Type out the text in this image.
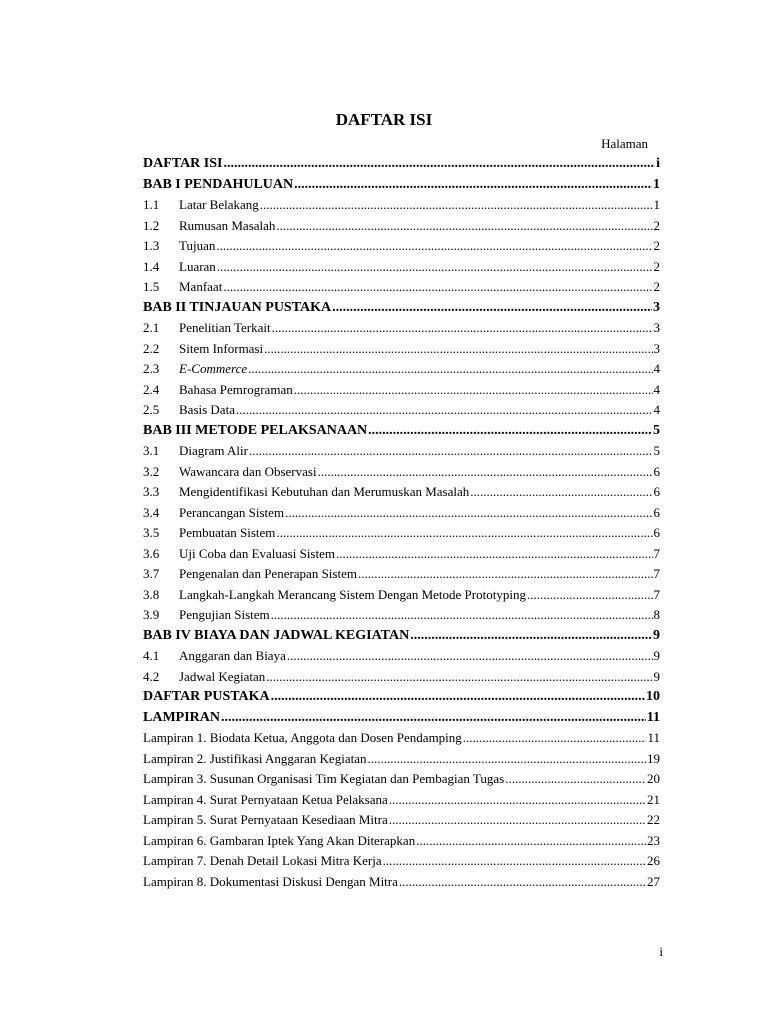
DAFTAR ISI
Halaman
DAFTAR ISI .....	i
BAB I PENDAHULUAN .....	1
1.1	Latar Belakang .....	1
1.2	Rumusan Masalah .....	2
1.3	Tujuan .....	2
1.4	Luaran .....	2
1.5	Manfaat .....	2
BAB II TINJAUAN PUSTAKA .....	3
2.1	Penelitian Terkait .....	3
2.2	Sitem Informasi .....	3
2.3	E-Commerce .....	4
2.4	Bahasa Pemrograman .....	4
2.5	Basis Data .....	4
BAB III METODE PELAKSANAAN .....	5
3.1	Diagram Alir .....	5
3.2	Wawancara dan Observasi .....	6
3.3	Mengidentifikasi Kebutuhan dan Merumuskan Masalah .....	6
3.4	Perancangan Sistem .....	6
3.5	Pembuatan Sistem .....	6
3.6	Uji Coba dan Evaluasi Sistem .....	7
3.7	Pengenalan dan Penerapan Sistem .....	7
3.8	Langkah-Langkah Merancang Sistem Dengan Metode Prototyping .....	7
3.9	Pengujian Sistem .....	8
BAB IV BIAYA DAN JADWAL KEGIATAN .....	9
4.1	Anggaran dan Biaya .....	9
4.2	Jadwal Kegiatan .....	9
DAFTAR PUSTAKA .....	10
LAMPIRAN .....	11
Lampiran 1. Biodata Ketua, Anggota dan Dosen Pendamping .....	11
Lampiran 2. Justifikasi Anggaran Kegiatan .....	19
Lampiran 3. Susunan Organisasi Tim Kegiatan dan Pembagian Tugas .....	20
Lampiran 4. Surat Pernyataan Ketua Pelaksana .....	21
Lampiran 5. Surat Pernyataan Kesediaan Mitra .....	22
Lampiran 6. Gambaran Iptek Yang Akan Diterapkan .....	23
Lampiran 7. Denah Detail Lokasi Mitra Kerja .....	26
Lampiran 8. Dokumentasi Diskusi Dengan Mitra .....	27
i
